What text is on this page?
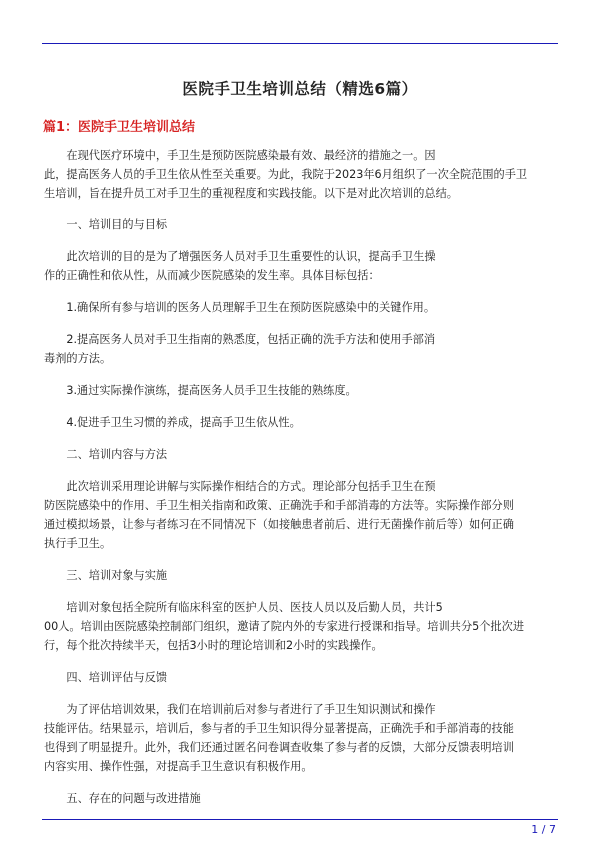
医院手卫生培训总结（精选6篇）
篇1：医院手卫生培训总结

　　在现代医疗环境中，手卫生是预防医院感染最有效、最经济的措施之一。因
此，提高医务人员的手卫生依从性至关重要。为此，我院于2023年6月组织了一次全院范围的手卫
生培训，旨在提升员工对手卫生的重视程度和实践技能。以下是对此次培训的总结。

　　一、培训目的与目标

　　此次培训的目的是为了增强医务人员对手卫生重要性的认识，提高手卫生操
作的正确性和依从性，从而减少医院感染的发生率。具体目标包括：

　　1.确保所有参与培训的医务人员理解手卫生在预防医院感染中的关键作用。

　　2.提高医务人员对手卫生指南的熟悉度，包括正确的洗手方法和使用手部消
毒剂的方法。

　　3.通过实际操作演练，提高医务人员手卫生技能的熟练度。

　　4.促进手卫生习惯的养成，提高手卫生依从性。

　　二、培训内容与方法

　　此次培训采用理论讲解与实际操作相结合的方式。理论部分包括手卫生在预
防医院感染中的作用、手卫生相关指南和政策、正确洗手和手部消毒的方法等。实际操作部分则
通过模拟场景，让参与者练习在不同情况下（如接触患者前后、进行无菌操作前后等）如何正确
执行手卫生。

　　三、培训对象与实施

　　培训对象包括全院所有临床科室的医护人员、医技人员以及后勤人员，共计5
00人。培训由医院感染控制部门组织，邀请了院内外的专家进行授课和指导。培训共分5个批次进
行，每个批次持续半天，包括3小时的理论培训和2小时的实践操作。

　　四、培训评估与反馈

　　为了评估培训效果，我们在培训前后对参与者进行了手卫生知识测试和操作
技能评估。结果显示，培训后，参与者的手卫生知识得分显著提高，正确洗手和手部消毒的技能
也得到了明显提升。此外，我们还通过匿名问卷调查收集了参与者的反馈，大部分反馈表明培训
内容实用、操作性强，对提高手卫生意识有积极作用。

　　五、存在的问题与改进措施

1 / 7
